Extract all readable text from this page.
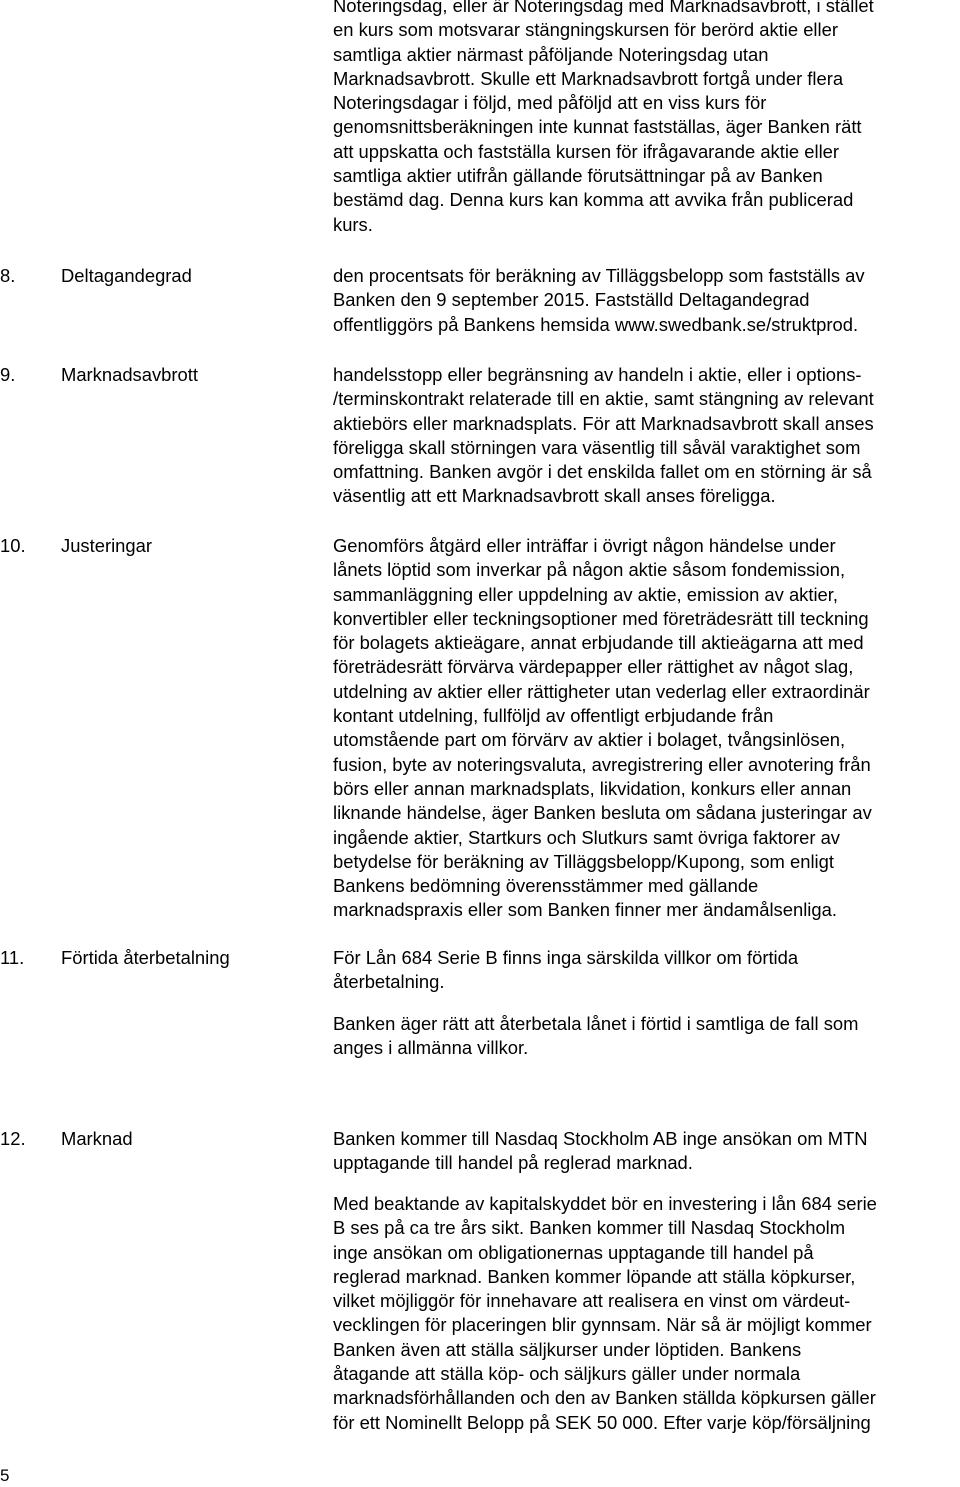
Noteringsdag, eller är Noteringsdag med Marknadsavbrott, i stället
en kurs som motsvarar stängningskursen för berörd aktie eller
samtliga aktier närmast påföljande Noteringsdag utan
Marknadsavbrott. Skulle ett Marknadsavbrott fortgå under flera
Noteringsdagar i följd, med påföljd att en viss kurs för
genomsnittsberäkningen inte kunnat fastställas, äger Banken rätt
att uppskatta och fastställa kursen för ifrågavarande aktie eller
samtliga aktier utifrån gällande förutsättningar på av Banken
bestämd dag. Denna kurs kan komma att avvika från publicerad
kurs.
8. Deltagandegrad	den procentsats för beräkning av Tilläggsbelopp som fastställs av
Banken den 9 september 2015. Fastställd Deltagandegrad
offentliggörs på Bankens hemsida www.swedbank.se/struktprod.
9. Marknadsavbrott	handelsstopp eller begränsning av handeln i aktie, eller i options-
/terminskontrakt relaterade till en aktie, samt stängning av relevant
aktiebörs eller marknadsplats. För att Marknadsavbrott skall anses
föreligga skall störningen vara väsentlig till såväl varaktighet som
omfattning. Banken avgör i det enskilda fallet om en störning är så
väsentlig att ett Marknadsavbrott skall anses föreligga.
10. Justeringar	Genomförs åtgärd eller inträffar i övrigt någon händelse under
lånets löptid som inverkar på någon aktie såsom fondemission,
sammanläggning eller uppdelning av aktie, emission av aktier,
konvertibler eller teckningsoptioner med företrädesrätt till teckning
för bolagets aktieägare, annat erbjudande till aktieägarna att med
företrädesrätt förvärva värdepapper eller rättighet av något slag,
utdelning av aktier eller rättigheter utan vederlag eller extraordinär
kontant utdelning, fullföljd av offentligt erbjudande från
utomstående part om förvärv av aktier i bolaget, tvångsinlösen,
fusion, byte av noteringsvaluta, avregistrering eller avnotering från
börs eller annan marknadsplats, likvidation, konkurs eller annan
liknande händelse, äger Banken besluta om sådana justeringar av
ingående aktier, Startkurs och Slutkurs samt övriga faktorer av
betydelse för beräkning av Tilläggsbelopp/Kupong, som enligt
Bankens bedömning överensstämmer med gällande
marknadspraxis eller som Banken finner mer ändamålsenliga.
11. Förtida återbetalning	För Lån 684 Serie B finns inga särskilda villkor om förtida
återbetalning.
Banken äger rätt att återbetala lånet i förtid i samtliga de fall som
anges i allmänna villkor.
12. Marknad	Banken kommer till Nasdaq Stockholm AB inge ansökan om MTN
upptagande till handel på reglerad marknad.
Med beaktande av kapitalskyddet bör en investering i lån 684 serie
B ses på ca tre års sikt. Banken kommer till Nasdaq Stockholm
inge ansökan om obligationernas upptagande till handel på
reglerad marknad. Banken kommer löpande att ställa köpkurser,
vilket möjliggör för innehavare att realisera en vinst om värdeut-
vecklingen för placeringen blir gynnsam. När så är möjligt kommer
Banken även att ställa säljkurser under löptiden. Bankens
åtagande att ställa köp- och säljkurs gäller under normala
marknadsförhållanden och den av Banken ställda köpkursen gäller
för ett Nominellt Belopp på SEK 50 000. Efter varje köp/försäljning
5
